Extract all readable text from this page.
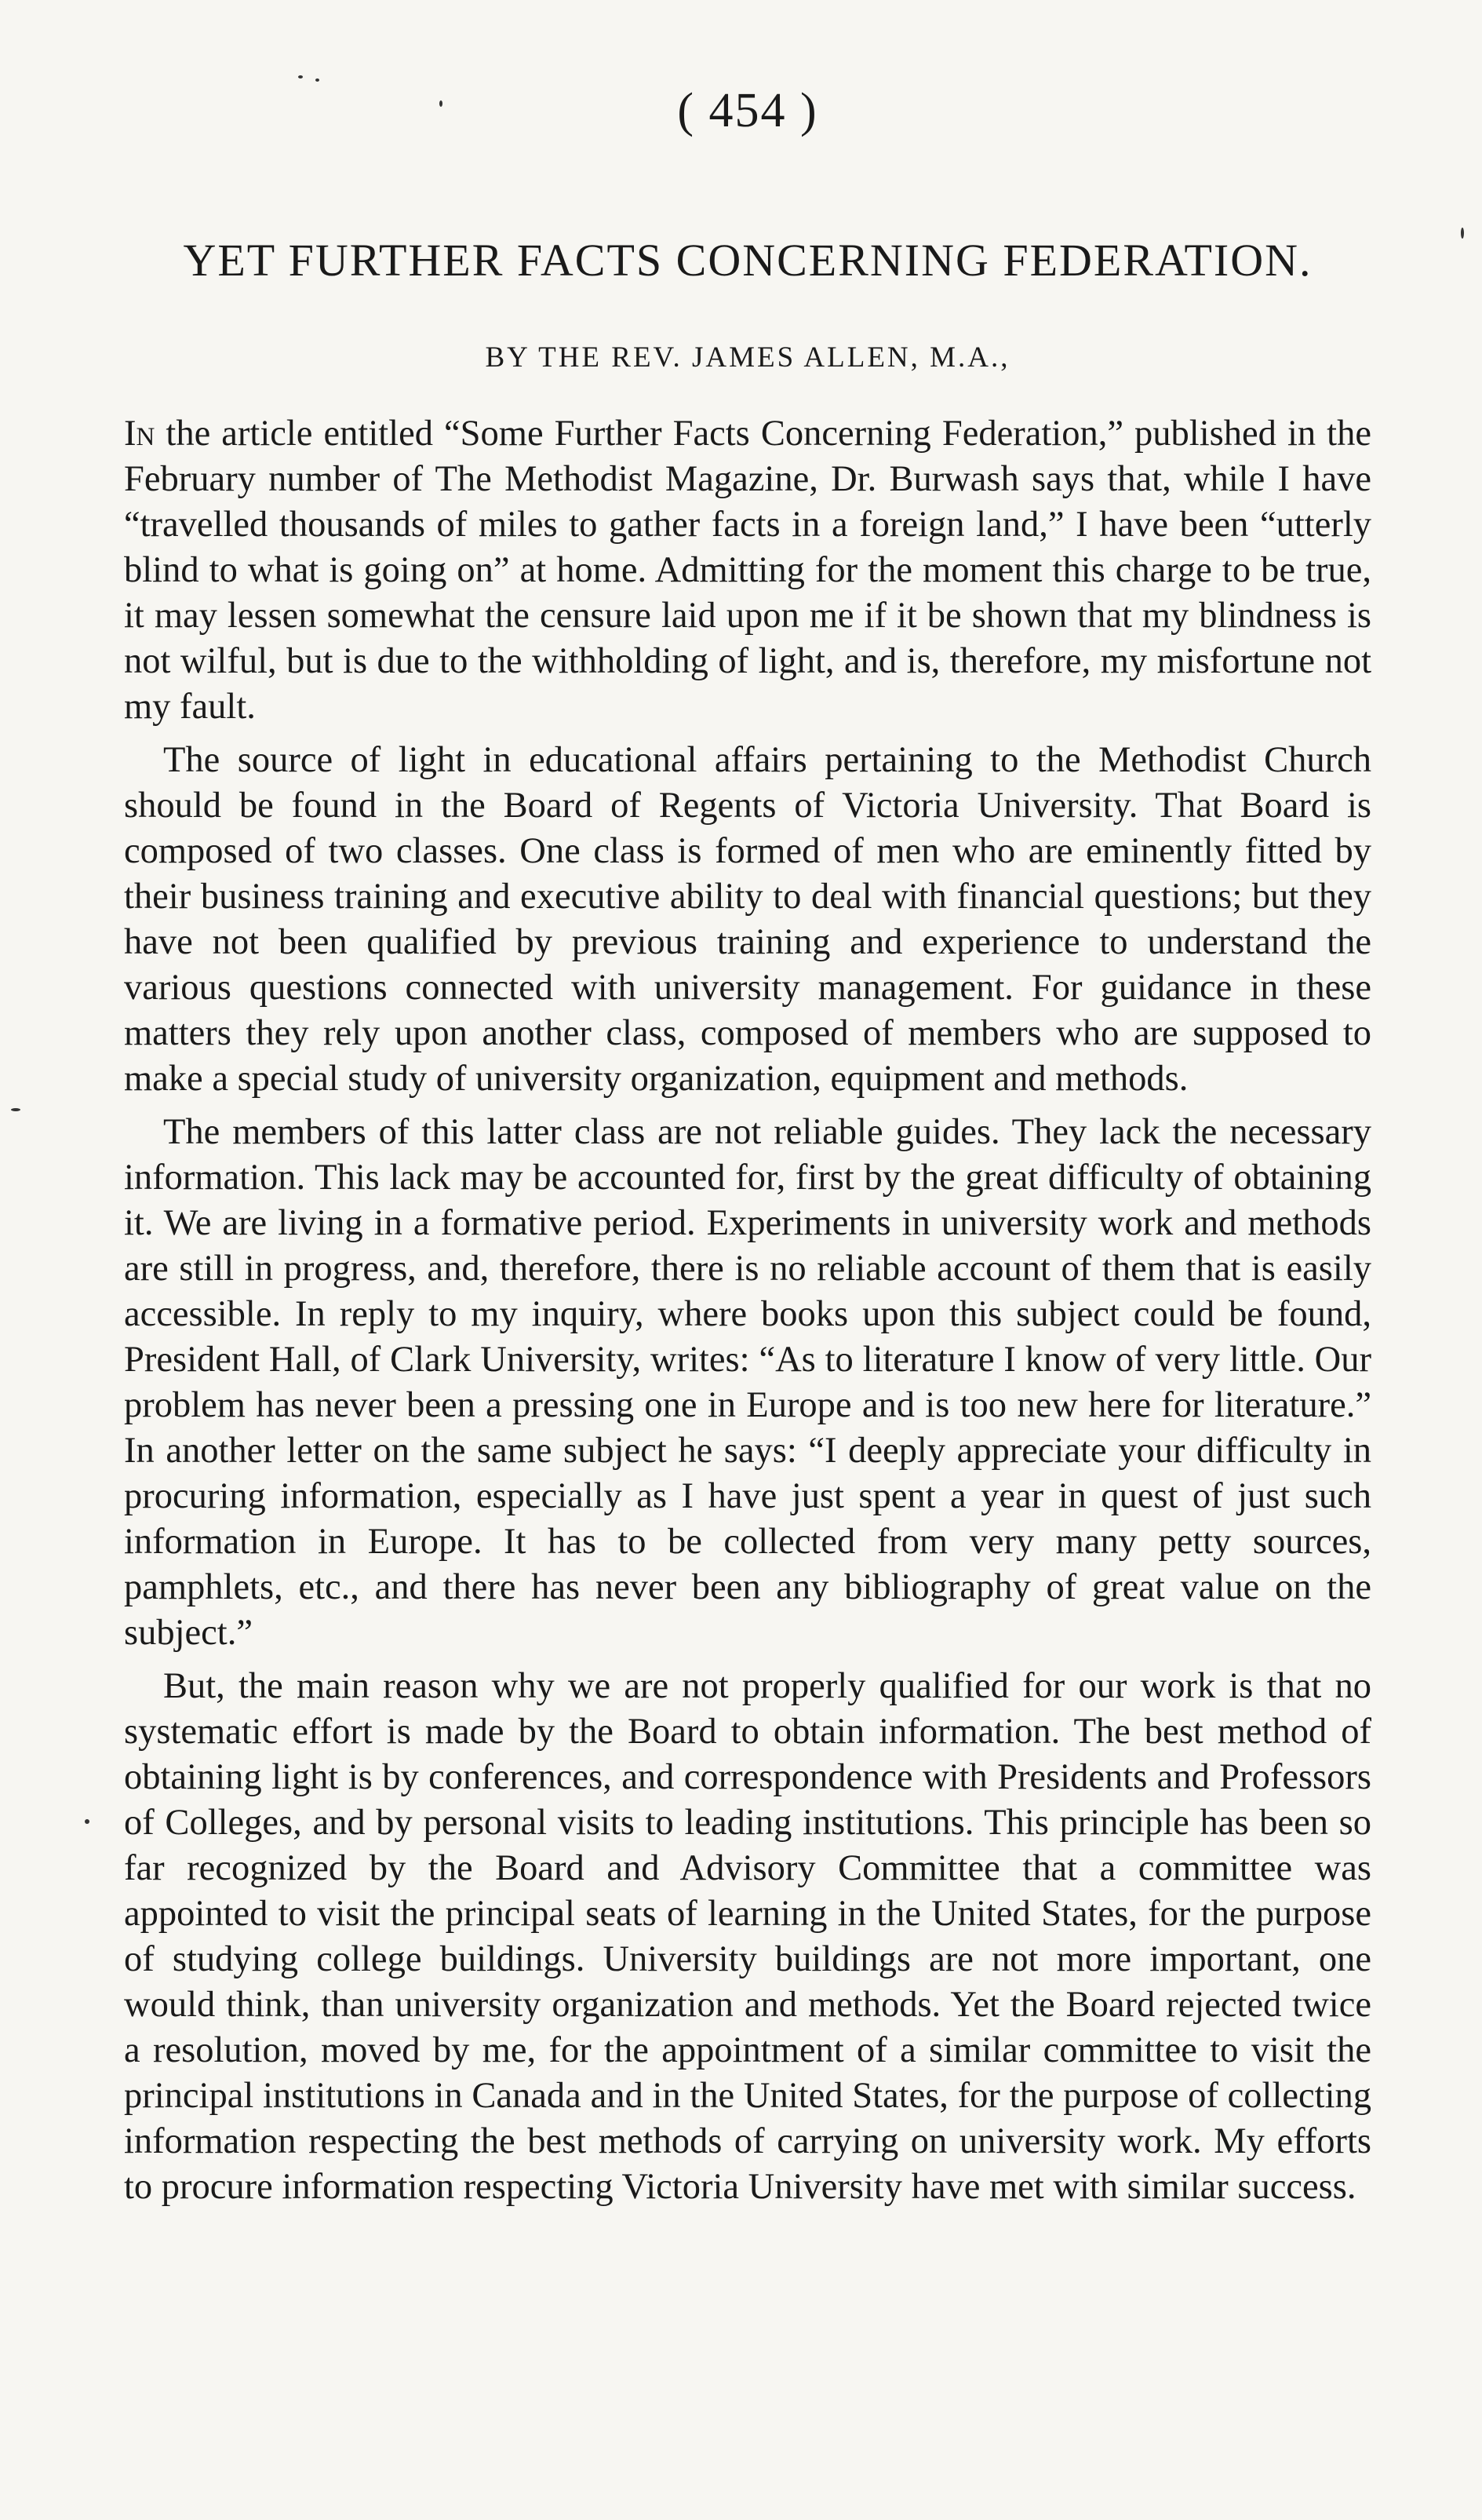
( 454 )
YET FURTHER FACTS CONCERNING FEDERATION.
BY THE REV. JAMES ALLEN, M.A.,

In the article entitled “Some Further Facts Concerning Federation,” published in the February number of The Methodist Magazine, Dr. Burwash says that, while I have “travelled thousands of miles to gather facts in a foreign land,” I have been “utterly blind to what is going on” at home. Admitting for the moment this charge to be true, it may lessen somewhat the censure laid upon me if it be shown that my blindness is not wilful, but is due to the withholding of light, and is, therefore, my misfortune not my fault.

The source of light in educational affairs pertaining to the Methodist Church should be found in the Board of Regents of Victoria University. That Board is composed of two classes. One class is formed of men who are eminently fitted by their business training and executive ability to deal with financial questions; but they have not been qualified by previous training and experience to understand the various questions connected with university management. For guidance in these matters they rely upon another class, composed of members who are supposed to make a special study of university organization, equipment and methods.

The members of this latter class are not reliable guides. They lack the necessary information. This lack may be accounted for, first by the great difficulty of obtaining it. We are living in a formative period. Experiments in university work and methods are still in progress, and, therefore, there is no reliable account of them that is easily accessible. In reply to my inquiry, where books upon this subject could be found, President Hall, of Clark University, writes: “As to literature I know of very little. Our problem has never been a pressing one in Europe and is too new here for literature.” In another letter on the same subject he says: “I deeply appreciate your difficulty in procuring information, especially as I have just spent a year in quest of just such information in Europe. It has to be collected from very many petty sources, pamphlets, etc., and there has never been any bibliography of great value on the subject.”

But, the main reason why we are not properly qualified for our work is that no systematic effort is made by the Board to obtain information. The best method of obtaining light is by conferences, and correspondence with Presidents and Professors of Colleges, and by personal visits to leading institutions. This principle has been so far recognized by the Board and Advisory Committee that a committee was appointed to visit the principal seats of learning in the United States, for the purpose of studying college buildings. University buildings are not more important, one would think, than university organization and methods. Yet the Board rejected twice a resolution, moved by me, for the appointment of a similar committee to visit the principal institutions in Canada and in the United States, for the purpose of collecting information respecting the best methods of carrying on university work. My efforts to procure information respecting Victoria University have met with similar success.
